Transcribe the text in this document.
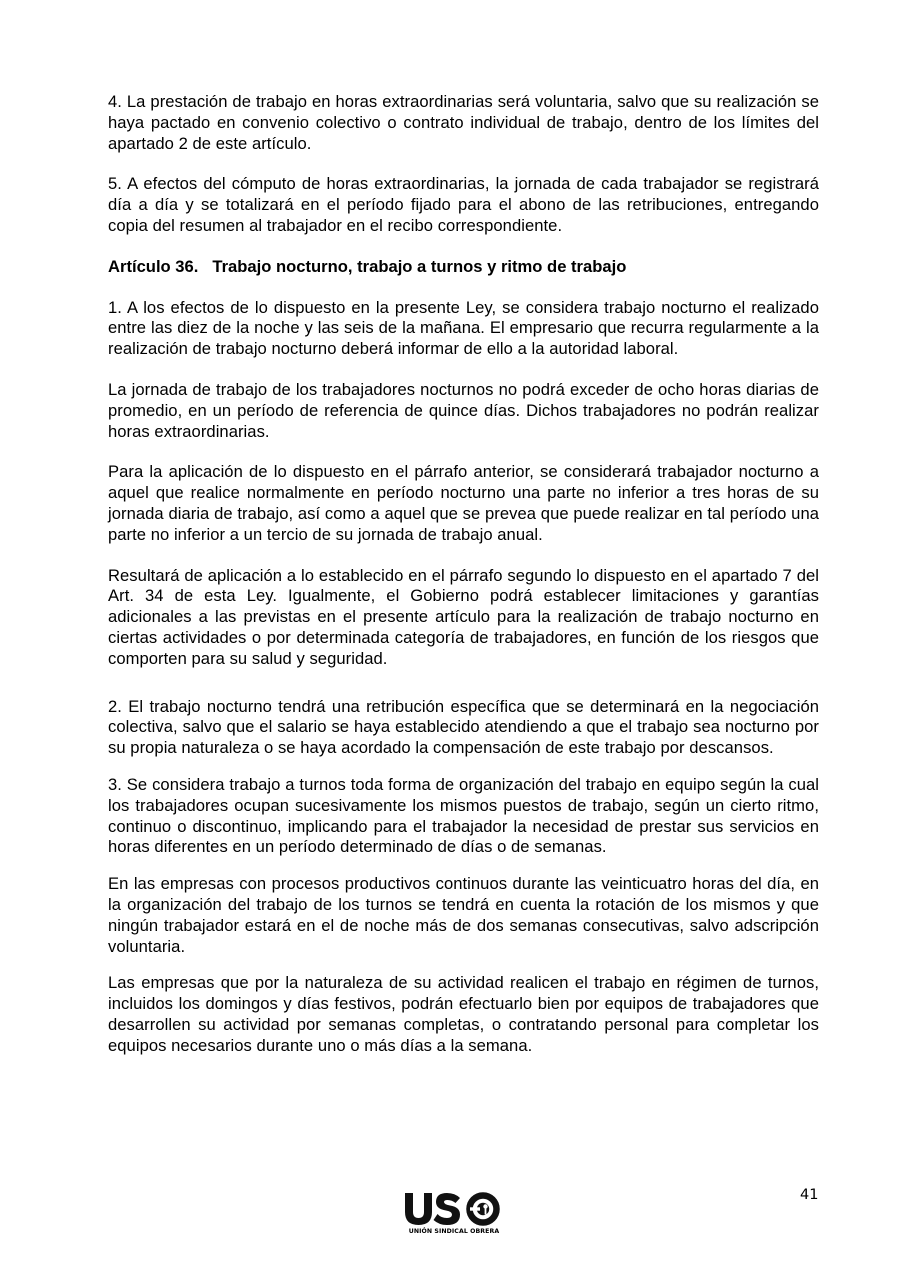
4. La prestación de trabajo en horas extraordinarias será voluntaria, salvo que su realización se haya pactado en convenio colectivo o contrato individual de trabajo, dentro de los límites del apartado 2 de este artículo.

5. A efectos del cómputo de horas extraordinarias, la jornada de cada trabajador se registrará día a día y se totalizará en el período fijado para el abono de las retribuciones, entregando copia del resumen al trabajador en el recibo correspondiente.

Artículo 36. Trabajo nocturno, trabajo a turnos y ritmo de trabajo

1. A los efectos de lo dispuesto en la presente Ley, se considera trabajo nocturno el realizado entre las diez de la noche y las seis de la mañana. El empresario que recurra regularmente a la realización de trabajo nocturno deberá informar de ello a la autoridad laboral.

La jornada de trabajo de los trabajadores nocturnos no podrá exceder de ocho horas diarias de promedio, en un período de referencia de quince días. Dichos trabajadores no podrán realizar horas extraordinarias.

Para la aplicación de lo dispuesto en el párrafo anterior, se considerará trabajador nocturno a aquel que realice normalmente en período nocturno una parte no inferior a tres horas de su jornada diaria de trabajo, así como a aquel que se prevea que puede realizar en tal período una parte no inferior a un tercio de su jornada de trabajo anual.

Resultará de aplicación a lo establecido en el párrafo segundo lo dispuesto en el apartado 7 del Art. 34 de esta Ley. Igualmente, el Gobierno podrá establecer limitaciones y garantías adicionales a las previstas en el presente artículo para la realización de trabajo nocturno en ciertas actividades o por determinada categoría de trabajadores, en función de los riesgos que comporten para su salud y seguridad.

2. El trabajo nocturno tendrá una retribución específica que se determinará en la negociación colectiva, salvo que el salario se haya establecido atendiendo a que el trabajo sea nocturno por su propia naturaleza o se haya acordado la compensación de este trabajo por descansos.

3. Se considera trabajo a turnos toda forma de organización del trabajo en equipo según la cual los trabajadores ocupan sucesivamente los mismos puestos de trabajo, según un cierto ritmo, continuo o discontinuo, implicando para el trabajador la necesidad de prestar sus servicios en horas diferentes en un período determinado de días o de semanas.

En las empresas con procesos productivos continuos durante las veinticuatro horas del día, en la organización del trabajo de los turnos se tendrá en cuenta la rotación de los mismos y que ningún trabajador estará en el de noche más de dos semanas consecutivas, salvo adscripción voluntaria.

Las empresas que por la naturaleza de su actividad realicen el trabajo en régimen de turnos, incluidos los domingos y días festivos, podrán efectuarlo bien por equipos de trabajadores que desarrollen su actividad por semanas completas, o contratando personal para completar los equipos necesarios durante uno o más días a la semana.

41
UNIÓN SINDICAL OBRERA
